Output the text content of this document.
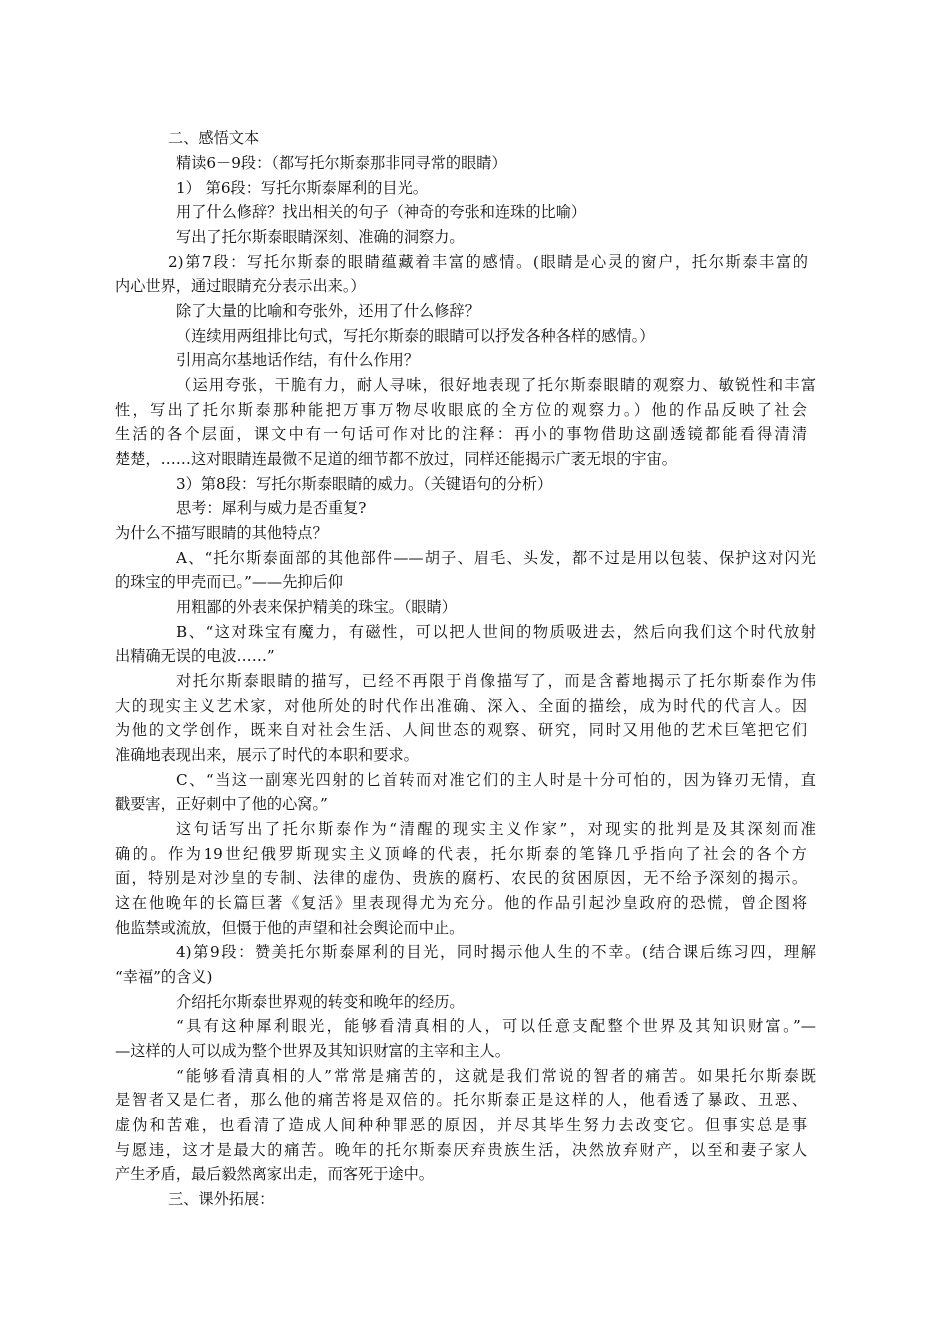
二、感悟文本
精读6－9段：（都写托尔斯泰那非同寻常的眼睛）
1） 第6段：写托尔斯泰犀利的目光。
用了什么修辞？找出相关的句子（神奇的夸张和连珠的比喻）
写出了托尔斯泰眼睛深刻、准确的洞察力。
2)第7段：写托尔斯泰的眼睛蕴藏着丰富的感情。(眼睛是心灵的窗户，托尔斯泰丰富的
内心世界，通过眼睛充分表示出来。）
除了大量的比喻和夸张外，还用了什么修辞？
（连续用两组排比句式，写托尔斯泰的眼睛可以抒发各种各样的感情。）
引用高尔基地话作结，有什么作用？
（运用夸张，干脆有力，耐人寻味，很好地表现了托尔斯泰眼睛的观察力、敏锐性和丰富
性，写出了托尔斯泰那种能把万事万物尽收眼底的全方位的观察力。）他的作品反映了社会
生活的各个层面，课文中有一句话可作对比的注释：再小的事物借助这副透镜都能看得清清
楚楚，……这对眼睛连最微不足道的细节都不放过，同样还能揭示广袤无垠的宇宙。
3）第8段：写托尔斯泰眼睛的威力。（关键语句的分析）
思考：犀利与威力是否重复?
为什么不描写眼睛的其他特点？
A、“托尔斯泰面部的其他部件——胡子、眉毛、头发，都不过是用以包装、保护这对闪光
的珠宝的甲壳而已。”——先抑后仰
用粗鄙的外表来保护精美的珠宝。（眼睛）
B、“这对珠宝有魔力，有磁性，可以把人世间的物质吸进去，然后向我们这个时代放射
出精确无误的电波……”
对托尔斯泰眼睛的描写，已经不再限于肖像描写了，而是含蓄地揭示了托尔斯泰作为伟
大的现实主义艺术家，对他所处的时代作出准确、深入、全面的描绘，成为时代的代言人。因
为他的文学创作，既来自对社会生活、人间世态的观察、研究，同时又用他的艺术巨笔把它们
准确地表现出来，展示了时代的本职和要求。
C、“当这一副寒光四射的匕首转而对准它们的主人时是十分可怕的，因为锋刃无情，直
戳要害，正好刺中了他的心窝。”
这句话写出了托尔斯泰作为“清醒的现实主义作家”，对现实的批判是及其深刻而准
确的。作为19世纪俄罗斯现实主义顶峰的代表，托尔斯泰的笔锋几乎指向了社会的各个方
面，特别是对沙皇的专制、法律的虚伪、贵族的腐朽、农民的贫困原因，无不给予深刻的揭示。
这在他晚年的长篇巨著《复活》里表现得尤为充分。他的作品引起沙皇政府的恐慌，曾企图将
他监禁或流放，但慑于他的声望和社会舆论而中止。
4)第9段：赞美托尔斯泰犀利的目光，同时揭示他人生的不幸。(结合课后练习四，理解
“幸福”的含义)
介绍托尔斯泰世界观的转变和晚年的经历。
“具有这种犀利眼光，能够看清真相的人，可以任意支配整个世界及其知识财富。”—
—这样的人可以成为整个世界及其知识财富的主宰和主人。
“能够看清真相的人”常常是痛苦的，这就是我们常说的智者的痛苦。如果托尔斯泰既
是智者又是仁者，那么他的痛苦将是双倍的。托尔斯泰正是这样的人，他看透了暴政、丑恶、
虚伪和苦难，也看清了造成人间种种罪恶的原因，并尽其毕生努力去改变它。但事实总是事
与愿违，这才是最大的痛苦。晚年的托尔斯泰厌弃贵族生活，决然放弃财产，以至和妻子家人
产生矛盾，最后毅然离家出走，而客死于途中。
三、课外拓展：
